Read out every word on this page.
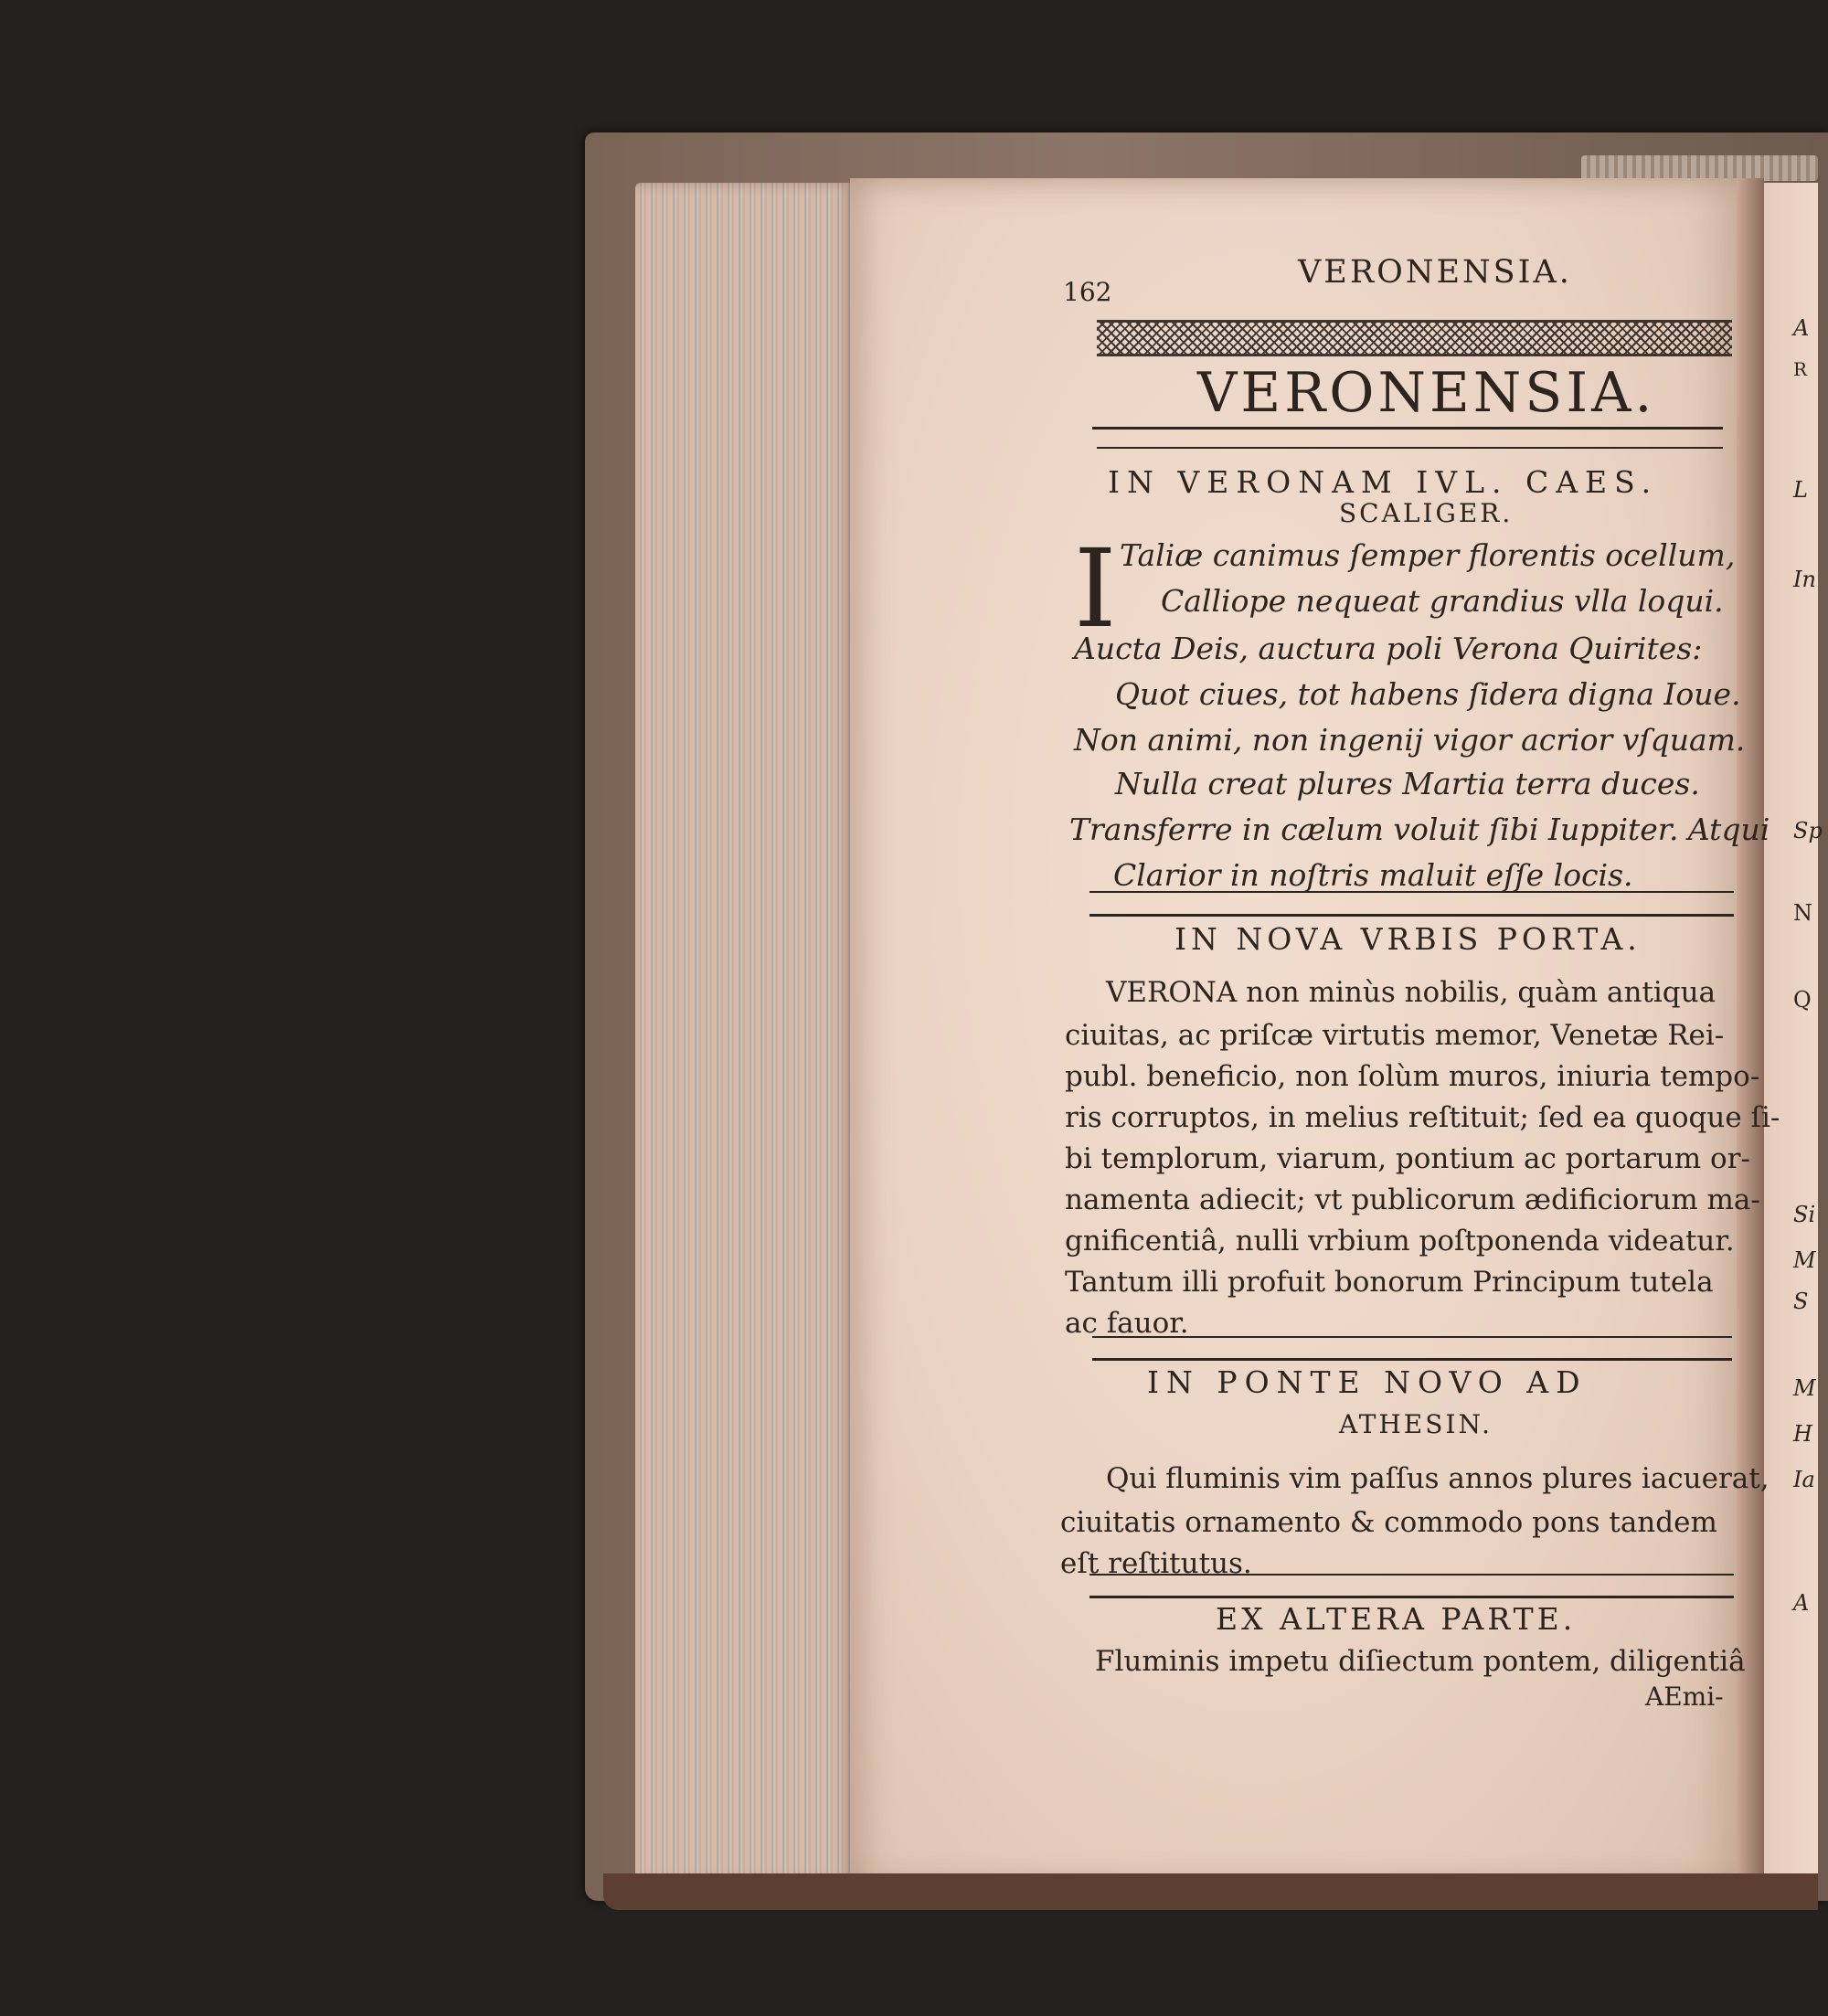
A
R
L
In
Sp
N
Q
Si
M
S
M
H
Ia
A
162
VERONENSIA.
VERONENSIA.
IN VERONAM IVL. CAES.
SCALIGER.
I Taliæ canimus ſemper florentis ocellum,
Calliope nequeat grandius vlla loqui.
Aucta Deis, auctura poli Verona Quirites:
Quot ciues, tot habens ſidera digna Ioue.
Non animi, non ingenij vigor acrior vſquam.
Nulla creat plures Martia terra duces.
Transferre in cælum voluit ſibi Iuppiter. Atqui
Clarior in noſtris maluit eſſe locis.
IN NOVA VRBIS PORTA.
VERONA non minùs nobilis, quàm antiqua
ciuitas, ac priſcæ virtutis memor, Venetæ Rei-
publ. beneficio, non ſolùm muros, iniuria tempo-
ris corruptos, in melius reſtituit; ſed ea quoque ſi-
bi templorum, viarum, pontium ac portarum or-
namenta adiecit; vt publicorum ædificiorum ma-
gnificentiâ, nulli vrbium poſtponenda videatur.
Tantum illi profuit bonorum Principum tutela
ac fauor.
IN PONTE NOVO AD
ATHESIN.
Qui fluminis vim paſſus annos plures iacuerat,
ciuitatis ornamento & commodo pons tandem
eſt reſtitutus.
EX ALTERA PARTE.
Fluminis impetu diſiectum pontem, diligentiâ
AEmi-
